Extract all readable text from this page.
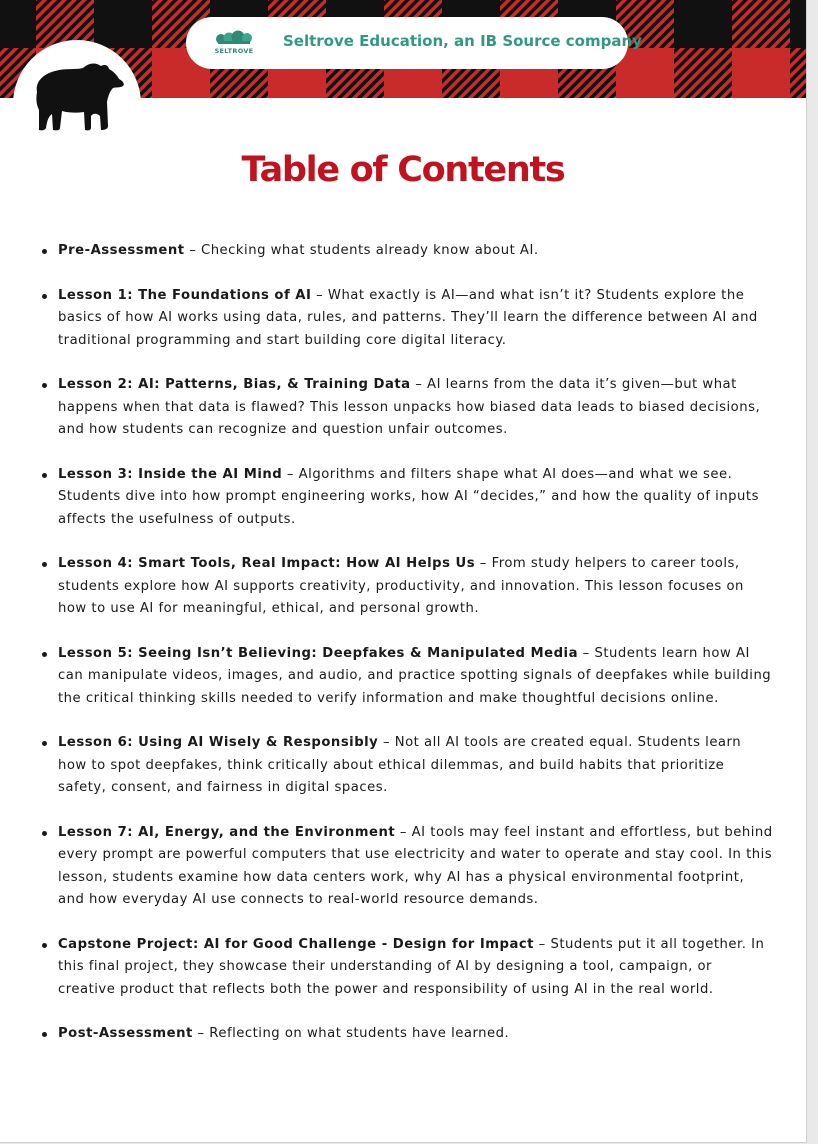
SELTROVE
Seltrove Education, an IB Source company
Table of Contents
Pre-Assessment – Checking what students already know about AI.
Lesson 1: The Foundations of AI – What exactly is AI—and what isn’t it? Students explore the basics of how AI works using data, rules, and patterns. They’ll learn the difference between AI and traditional programming and start building core digital literacy.
Lesson 2: AI: Patterns, Bias, & Training Data – AI learns from the data it’s given—but what happens when that data is flawed? This lesson unpacks how biased data leads to biased decisions, and how students can recognize and question unfair outcomes.
Lesson 3: Inside the AI Mind – Algorithms and filters shape what AI does—and what we see. Students dive into how prompt engineering works, how AI “decides,” and how the quality of inputs affects the usefulness of outputs.
Lesson 4: Smart Tools, Real Impact: How AI Helps Us – From study helpers to career tools, students explore how AI supports creativity, productivity, and innovation. This lesson focuses on how to use AI for meaningful, ethical, and personal growth.
Lesson 5: Seeing Isn’t Believing: Deepfakes & Manipulated Media – Students learn how AI can manipulate videos, images, and audio, and practice spotting signals of deepfakes while building the critical thinking skills needed to verify information and make thoughtful decisions online.
Lesson 6: Using AI Wisely & Responsibly – Not all AI tools are created equal. Students learn how to spot deepfakes, think critically about ethical dilemmas, and build habits that prioritize safety, consent, and fairness in digital spaces.
Lesson 7: AI, Energy, and the Environment – AI tools may feel instant and effortless, but behind every prompt are powerful computers that use electricity and water to operate and stay cool. In this lesson, students examine how data centers work, why AI has a physical environmental footprint, and how everyday AI use connects to real-world resource demands.
Capstone Project: AI for Good Challenge - Design for Impact – Students put it all together. In this final project, they showcase their understanding of AI by designing a tool, campaign, or creative product that reflects both the power and responsibility of using AI in the real world.
Post-Assessment – Reflecting on what students have learned.
